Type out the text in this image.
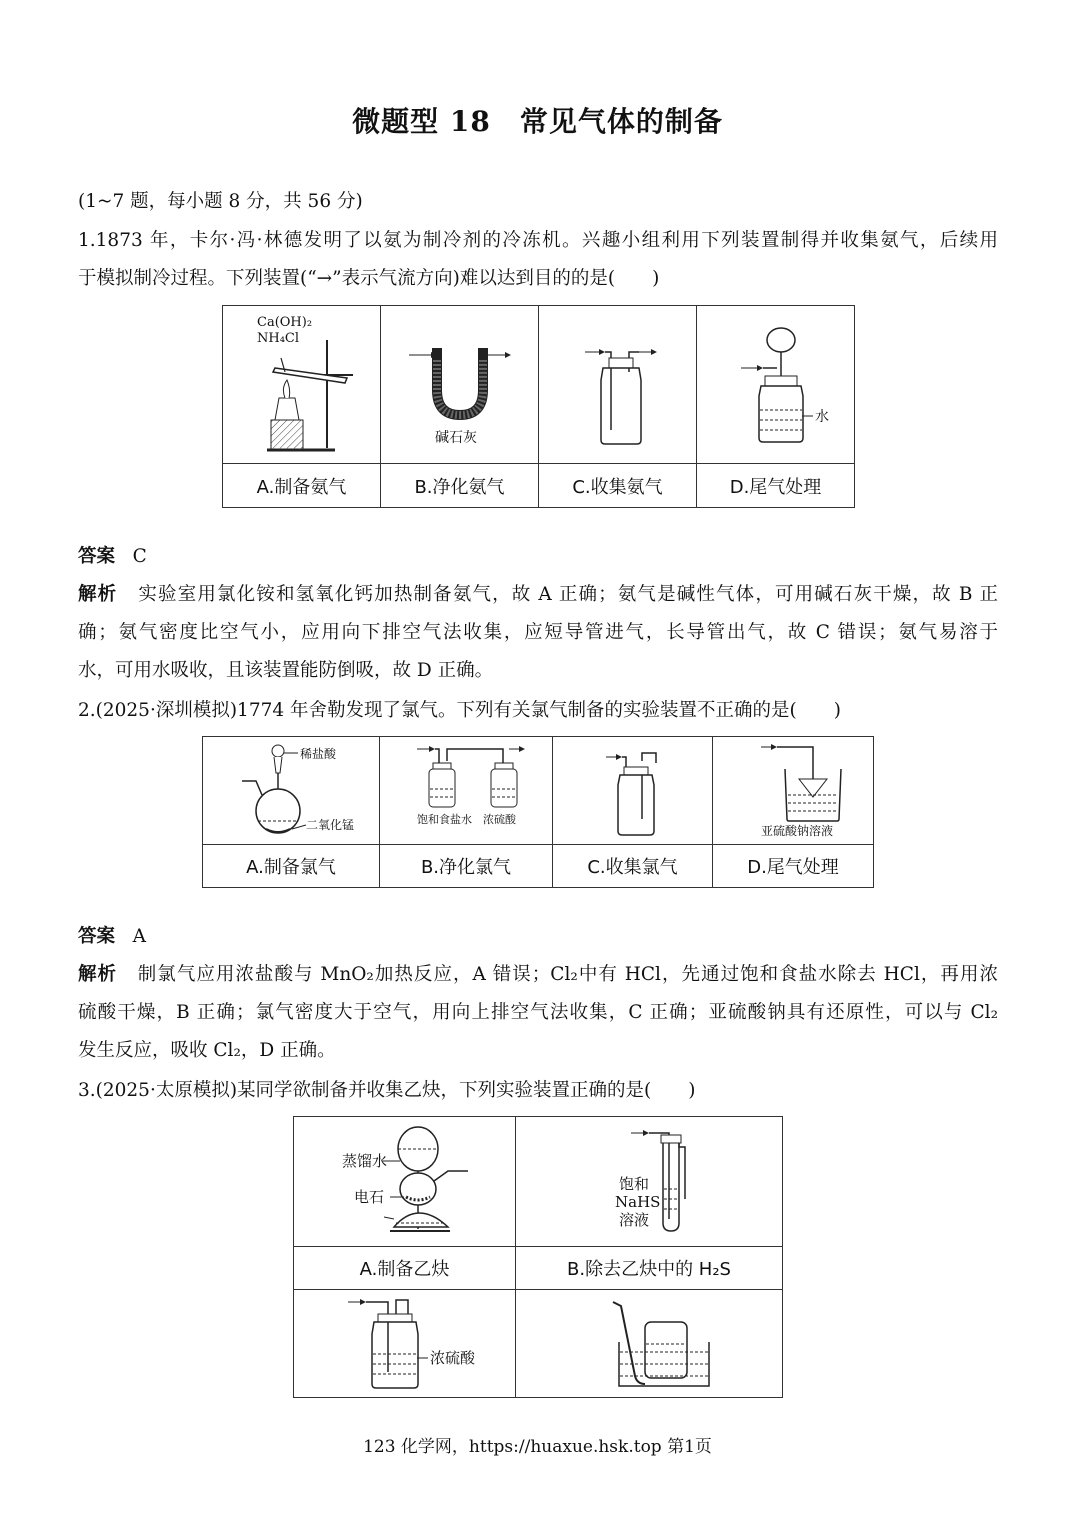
微题型 18　常见气体的制备
(1~7 题，每小题 8 分，共 56 分)
1.1873 年，卡尔·冯·林德发明了以氨为制冷剂的冷冻机。兴趣小组利用下列装置制得并收集氨气，后续用
于模拟制冷过程。下列装置(“→”表示气流方向)难以达到目的的是(　　)
Ca(OH)₂
NH₄Cl	碱石灰		水

A.制备氨气	B.净化氨气	C.收集氨气	D.尾气处理
答案 C
解析 实验室用氯化铵和氢氧化钙加热制备氨气，故 A 正确；氨气是碱性气体，可用碱石灰干燥，故 B 正
确；氨气密度比空气小，应用向下排空气法收集，应短导管进气，长导管出气，故 C 错误；氨气易溶于
水，可用水吸收，且该装置能防倒吸，故 D 正确。
2.(2025·深圳模拟)1774 年舍勒发现了氯气。下列有关氯气制备的实验装置不正确的是(　　)
稀盐酸
二氧化锰	饱和食盐水 浓硫酸		亚硫酸钠溶液

A.制备氯气	B.净化氯气	C.收集氯气	D.尾气处理
答案 A
解析 制氯气应用浓盐酸与 MnO₂加热反应，A 错误；Cl₂中有 HCl，先通过饱和食盐水除去 HCl，再用浓
硫酸干燥，B 正确；氯气密度大于空气，用向上排空气法收集，C 正确；亚硫酸钠具有还原性，可以与 Cl₂
发生反应，吸收 Cl₂，D 正确。
3.(2025·太原模拟)某同学欲制备并收集乙炔，下列实验装置正确的是(　　)
蒸馏水
电石	饱和
NaHS
溶液

A.制备乙炔	B.除去乙炔中的 H₂S

浓硫酸

123 化学网，https://huaxue.hsk.top 第1页
